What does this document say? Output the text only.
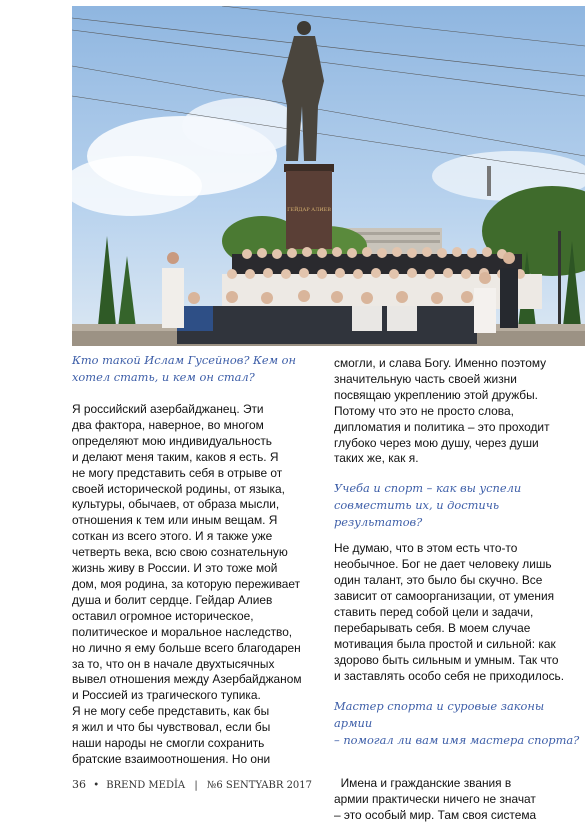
ГЕЙДАР АЛИЕВ

Кто такой Ислам Гусейнов? Кем он
хотел стать, и кем он стал?

Я российский азербайджанец. Эти
два фактора, наверное, во многом
определяют мою индивидуальность
и делают меня таким, каков я есть. Я
не могу представить себя в отрыве от
своей исторической родины, от языка,
культуры, обычаев, от образа мысли,
отношения к тем или иным вещам. Я
соткан из всего этого. И я также уже
четверть века, всю свою сознательную
жизнь живу в России. И это тоже мой
дом, моя родина, за которую переживает
душа и болит сердце. Гейдар Алиев
оставил огромное историческое,
политическое и моральное наследство,
но лично я ему больше всего благодарен
за то, что он в начале двухтысячных
вывел отношения между Азербайджаном
и Россией из трагического тупика.
Я не могу себе представить, как бы
я жил и что бы чувствовал, если бы
наши народы не смогли сохранить
братские взаимоотношения. Но они

смогли, и слава Богу. Именно поэтому
значительную часть своей жизни
посвящаю укреплению этой дружбы.
Потому что это не просто слова,
дипломатия и политика – это проходит
глубоко через мою душу, через души
таких же, как я.

Учеба и спорт – как вы успели
совместить их, и достичь результатов?

Не думаю, что в этом есть что-то
необычное. Бог не дает человеку лишь
один талант, это было бы скучно. Все
зависит от самоорганизации, от умения
ставить перед собой цели и задачи,
перебарывать себя. В моем случае
мотивация была простой и сильной: как
здорово быть сильным и умным. Так что
и заставлять особо себя не приходилось.

Мастер спорта и суровые законы армии
– помогал ли вам имя мастера спорта?

Имена и гражданские звания в
армии практически ничего не значат
– это особый мир. Там своя система

36 • BREND MEDİA | №6 SENTYABR 2017
